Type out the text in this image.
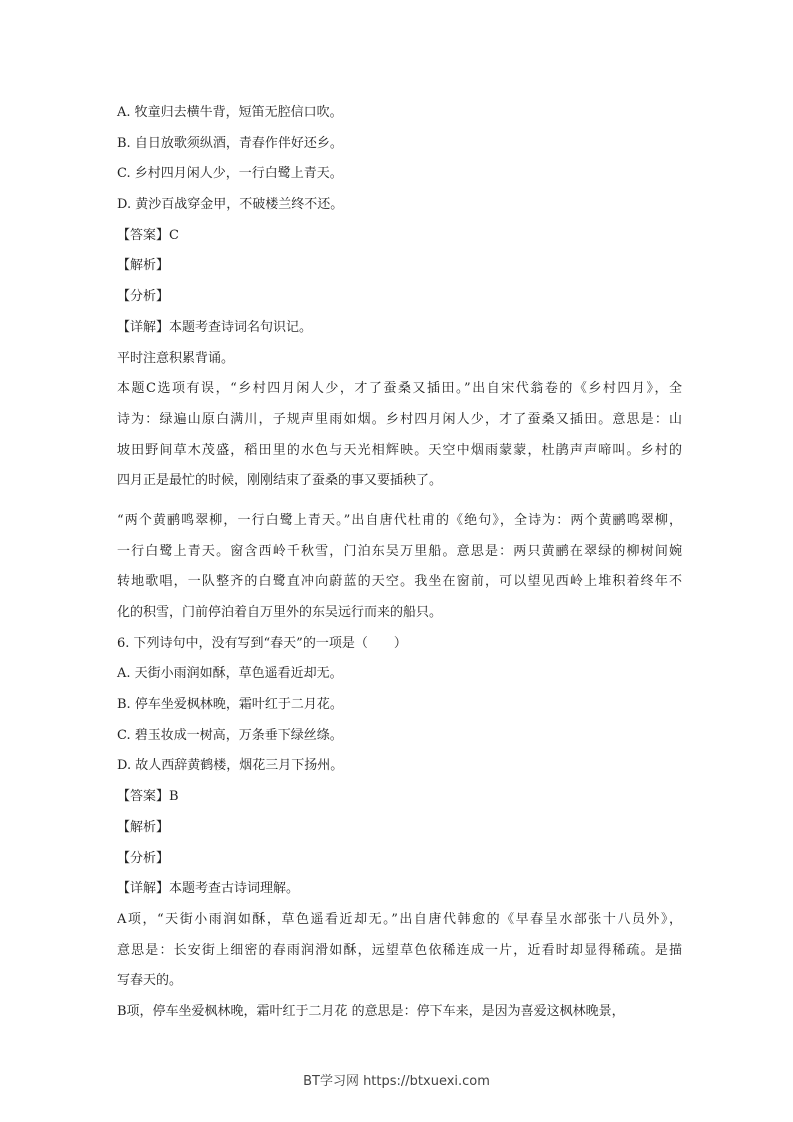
A. 牧童归去横牛背，短笛无腔信口吹。
B. 自日放歌须纵酒，青春作伴好还乡。
C. 乡村四月闲人少，一行白鹭上青天。
D. 黄沙百战穿金甲，不破楼兰终不还。
【答案】C
【解析】
【分析】
【详解】本题考查诗词名句识记。
平时注意积累背诵。
本题C选项有误，“乡村四月闲人少，才了蚕桑又插田。”出自宋代翁卷的《乡村四月》，全
诗为：绿遍山原白满川，子规声里雨如烟。乡村四月闲人少，才了蚕桑又插田。意思是：山
坡田野间草木茂盛，稻田里的水色与天光相辉映。天空中烟雨蒙蒙，杜鹃声声啼叫。乡村的
四月正是最忙的时候，刚刚结束了蚕桑的事又要插秧了。
“两个黄鹂鸣翠柳，一行白鹭上青天。”出自唐代杜甫的《绝句》，全诗为：两个黄鹂鸣翠柳，
一行白鹭上青天。窗含西岭千秋雪，门泊东吴万里船。意思是：两只黄鹂在翠绿的柳树间婉
转地歌唱，一队整齐的白鹭直冲向蔚蓝的天空。我坐在窗前，可以望见西岭上堆积着终年不
化的积雪，门前停泊着自万里外的东吴远行而来的船只。
6. 下列诗句中，没有写到“春天”的一项是（　　）
A. 天街小雨润如酥，草色遥看近却无。
B. 停车坐爱枫林晚，霜叶红于二月花。
C. 碧玉妆成一树高，万条垂下绿丝绦。
D. 故人西辞黄鹤楼，烟花三月下扬州。
【答案】B
【解析】
【分析】
【详解】本题考查古诗词理解。
A项，“天街小雨润如酥，草色遥看近却无。”出自唐代韩愈的《早春呈水部张十八员外》，
意思是：长安街上细密的春雨润滑如酥，远望草色依稀连成一片，近看时却显得稀疏。是描
写春天的。
B项，停车坐爱枫林晚，霜叶红于二月花 的意思是：停下车来，是因为喜爱这枫林晚景，
BT学习网 https://btxuexi.com
